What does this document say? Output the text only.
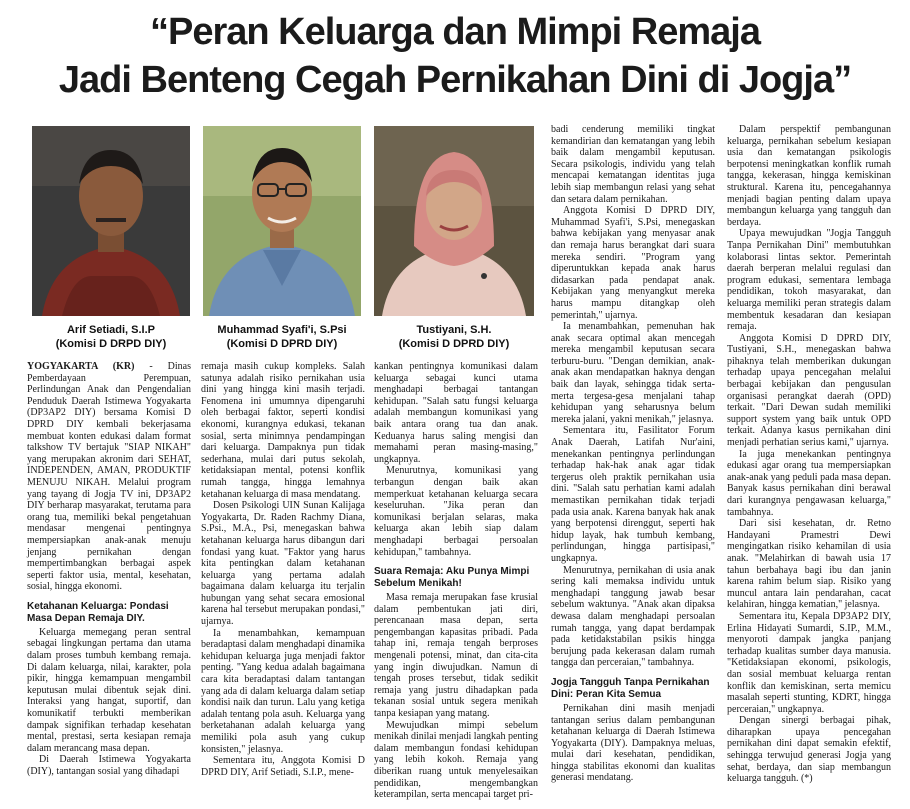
“Peran Keluarga dan Mimpi Remaja
Jadi Benteng Cegah Pernikahan Dini di Jogja”
Arif Setiadi, S.I.P
(Komisi D DRPD DIY)
Muhammad Syafi'i, S.Psi
(Komisi D DPRD DIY)
Tustiyani, S.H.
(Komisi D DPRD DIY)

YOGYAKARTA (KR) - Dinas Pemberdayaan Perempuan, Perlindungan Anak dan Pengendalian Penduduk Daerah Istimewa Yogyakarta (DP3AP2 DIY) bersama Komisi D DPRD DIY kembali bekerjasama membuat konten edukasi dalam format talkshow TV bertajuk "SIAP NIKAH" yang merupakan akronim dari SEHAT, INDEPENDEN, AMAN, PRODUKTIF MENUJU NIKAH. Melalui program yang tayang di Jogja TV ini, DP3AP2 DIY berharap masyarakat, terutama para orang tua, memiliki bekal pengetahuan mendasar mengenai pentingnya mempersiapkan anak-anak menuju jenjang pernikahan dengan mempertimbangkan berbagai aspek seperti faktor usia, mental, kesehatan, sosial, hingga ekonomi.

Ketahanan Keluarga: Pondasi Masa Depan Remaja DIY.

Keluarga memegang peran sentral sebagai lingkungan pertama dan utama dalam proses tumbuh kembang remaja. Di dalam keluarga, nilai, karakter, pola pikir, hingga kemampuan mengambil keputusan mulai dibentuk sejak dini. Interaksi yang hangat, suportif, dan komunikatif terbukti memberikan dampak signifikan terhadap kesehatan mental, prestasi, serta kesiapan remaja dalam merancang masa depan.

Di Daerah Istimewa Yogyakarta (DIY), tantangan sosial yang dihadapi

remaja masih cukup kompleks. Salah satunya adalah risiko pernikahan usia dini yang hingga kini masih terjadi. Fenomena ini umumnya dipengaruhi oleh berbagai faktor, seperti kondisi ekonomi, kurangnya edukasi, tekanan sosial, serta minimnya pendampingan dari keluarga. Dampaknya pun tidak sederhana, mulai dari putus sekolah, ketidaksiapan mental, potensi konflik rumah tangga, hingga lemahnya ketahanan keluarga di masa mendatang.

Dosen Psikologi UIN Sunan Kalijaga Yogyakarta, Dr. Raden Rachmy Diana, S.Psi., M.A., Psi, menegaskan bahwa ketahanan keluarga harus dibangun dari fondasi yang kuat. "Faktor yang harus kita pentingkan dalam ketahanan keluarga yang pertama adalah bagaimana dalam keluarga itu terjalin hubungan yang sehat secara emosional karena hal tersebut merupakan pondasi," ujarnya.

Ia menambahkan, kemampuan beradaptasi dalam menghadapi dinamika kehidupan keluarga juga menjadi faktor penting. "Yang kedua adalah bagaimana cara kita beradaptasi dalam tantangan yang ada di dalam keluarga dalam setiap kondisi naik dan turun. Lalu yang ketiga adalah tentang pola asuh. Keluarga yang berketahanan adalah keluarga yang memiliki pola asuh yang cukup konsisten," jelasnya.

Sementara itu, Anggota Komisi D DPRD DIY, Arif Setiadi, S.I.P., mene-

kankan pentingnya komunikasi dalam keluarga sebagai kunci utama menghadapi berbagai tantangan kehidupan. "Salah satu fungsi keluarga adalah membangun komunikasi yang baik antara orang tua dan anak. Keduanya harus saling mengisi dan memahami peran masing-masing," ungkapnya.

Menurutnya, komunikasi yang terbangun dengan baik akan memperkuat ketahanan keluarga secara keseluruhan. "Jika peran dan komunikasi berjalan selaras, maka keluarga akan lebih siap dalam menghadapi berbagai persoalan kehidupan," tambahnya.

Suara Remaja: Aku Punya Mimpi Sebelum Menikah!

Masa remaja merupakan fase krusial dalam pembentukan jati diri, perencanaan masa depan, serta pengembangan kapasitas pribadi. Pada tahap ini, remaja tengah berproses mengenali potensi, minat, dan cita-cita yang ingin diwujudkan. Namun di tengah proses tersebut, tidak sedikit remaja yang justru dihadapkan pada tekanan sosial untuk segera menikah tanpa kesiapan yang matang.

Mewujudkan mimpi sebelum menikah dinilai menjadi langkah penting dalam membangun fondasi kehidupan yang lebih kokoh. Remaja yang diberikan ruang untuk menyelesaikan pendidikan, mengembangkan keterampilan, serta mencapai target pri-

badi cenderung memiliki tingkat kemandirian dan kematangan yang lebih baik dalam mengambil keputusan. Secara psikologis, individu yang telah mencapai kematangan identitas juga lebih siap membangun relasi yang sehat dan setara dalam pernikahan.

Anggota Komisi D DPRD DIY, Muhammad Syafi'i, S.Psi, menegaskan bahwa kebijakan yang menyasar anak dan remaja harus berangkat dari suara mereka sendiri. "Program yang diperuntukkan kepada anak harus didasarkan pada pendapat anak. Kebijakan yang menyangkut mereka harus mampu ditangkap oleh pemerintah," ujarnya.

Ia menambahkan, pemenuhan hak anak secara optimal akan mencegah mereka mengambil keputusan secara terburu-buru. "Dengan demikian, anak-anak akan mendapatkan haknya dengan baik dan layak, sehingga tidak serta-merta tergesa-gesa menjalani tahap kehidupan yang seharusnya belum mereka jalani, yakni menikah," jelasnya.

Sementara itu, Fasilitator Forum Anak Daerah, Latifah Nur'aini, menekankan pentingnya perlindungan terhadap hak-hak anak agar tidak tergerus oleh praktik pernikahan usia dini. "Salah satu perhatian kami adalah memastikan pernikahan tidak terjadi pada usia anak. Karena banyak hak anak yang berpotensi direnggut, seperti hak hidup layak, hak tumbuh kembang, perlindungan, hingga partisipasi," ungkapnya.

Menurutnya, pernikahan di usia anak sering kali memaksa individu untuk menghadapi tanggung jawab besar sebelum waktunya. "Anak akan dipaksa dewasa dalam menghadapi persoalan rumah tangga, yang dapat berdampak pada ketidakstabilan psikis hingga berujung pada kekerasan dalam rumah tangga dan perceraian," tambahnya.

Jogja Tangguh Tanpa Pernikahan Dini: Peran Kita Semua

Pernikahan dini masih menjadi tantangan serius dalam pembangunan ketahanan keluarga di Daerah Istimewa Yogyakarta (DIY). Dampaknya meluas, mulai dari kesehatan, pendidikan, hingga stabilitas ekonomi dan kualitas generasi mendatang.

Dalam perspektif pembangunan keluarga, pernikahan sebelum kesiapan usia dan kematangan psikologis berpotensi meningkatkan konflik rumah tangga, kekerasan, hingga kemiskinan struktural. Karena itu, pencegahannya menjadi bagian penting dalam upaya membangun keluarga yang tangguh dan berdaya.

Upaya mewujudkan "Jogja Tangguh Tanpa Pernikahan Dini" membutuhkan kolaborasi lintas sektor. Pemerintah daerah berperan melalui regulasi dan program edukasi, sementara lembaga pendidikan, tokoh masyarakat, dan keluarga memiliki peran strategis dalam membentuk kesadaran dan kesiapan remaja.

Anggota Komisi D DPRD DIY, Tustiyani, S.H., menegaskan bahwa pihaknya telah memberikan dukungan terhadap upaya pencegahan melalui berbagai kebijakan dan pengusulan organisasi perangkat daerah (OPD) terkait. "Dari Dewan sudah memiliki support system yang baik untuk OPD terkait. Adanya kasus pernikahan dini menjadi perhatian serius kami," ujarnya.

Ia juga menekankan pentingnya edukasi agar orang tua mempersiapkan anak-anak yang peduli pada masa depan. Banyak kasus pernikahan dini berawal dari kurangnya pengawasan keluarga," tambahnya.

Dari sisi kesehatan, dr. Retno Handayani Pramestri Dewi mengingatkan risiko kehamilan di usia anak. "Melahirkan di bawah usia 17 tahun berbahaya bagi ibu dan janin karena rahim belum siap. Risiko yang muncul antara lain pendarahan, cacat kelahiran, hingga kematian," jelasnya.

Sementara itu, Kepala DP3AP2 DIY, Erlina Hidayati Sumardi, S.IP., M.M., menyoroti dampak jangka panjang terhadap kualitas sumber daya manusia. "Ketidaksiapan ekonomi, psikologis, dan sosial membuat keluarga rentan konflik dan kemiskinan, serta memicu masalah seperti stunting, KDRT, hingga perceraian," ungkapnya.

Dengan sinergi berbagai pihak, diharapkan upaya pencegahan pernikahan dini dapat semakin efektif, sehingga terwujud generasi Jogja yang sehat, berdaya, dan siap membangun keluarga tangguh. (*)
